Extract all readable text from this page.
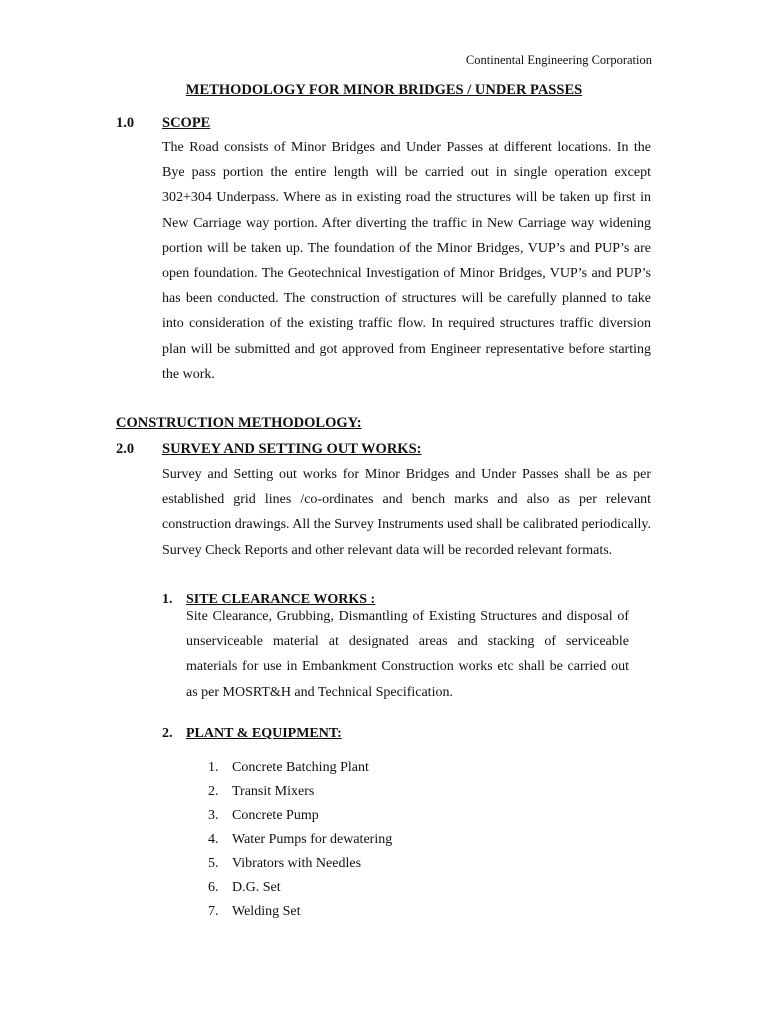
Continental Engineering Corporation
METHODOLOGY FOR MINOR BRIDGES / UNDER PASSES
1.0 SCOPE
The Road consists of Minor Bridges and Under Passes at different locations. In the Bye pass portion the entire length will be carried out in single operation except 302+304 Underpass. Where as in existing road the structures will be taken up first in New Carriage way portion. After diverting the traffic in New Carriage way widening portion will be taken up. The foundation of the Minor Bridges, VUP’s and PUP’s are open foundation. The Geotechnical Investigation of Minor Bridges, VUP’s and PUP’s has been conducted. The construction of structures will be carefully planned to take into consideration of the existing traffic flow. In required structures traffic diversion plan will be submitted and got approved from Engineer representative before starting the work.
CONSTRUCTION METHODOLOGY:
2.0 SURVEY AND SETTING OUT WORKS:
Survey and Setting out works for Minor Bridges and Under Passes shall be as per established grid lines /co-ordinates and bench marks and also as per relevant construction drawings. All the Survey Instruments used shall be calibrated periodically. Survey Check Reports and other relevant data will be recorded relevant formats.
1. SITE CLEARANCE WORKS :
Site Clearance, Grubbing, Dismantling of Existing Structures and disposal of unserviceable material at designated areas and stacking of serviceable materials for use in Embankment Construction works etc shall be carried out as per MOSRT&H and Technical Specification.
2. PLANT & EQUIPMENT:
1. Concrete Batching Plant
2. Transit Mixers
3. Concrete Pump
4. Water Pumps for dewatering
5. Vibrators with Needles
6. D.G. Set
7. Welding Set
